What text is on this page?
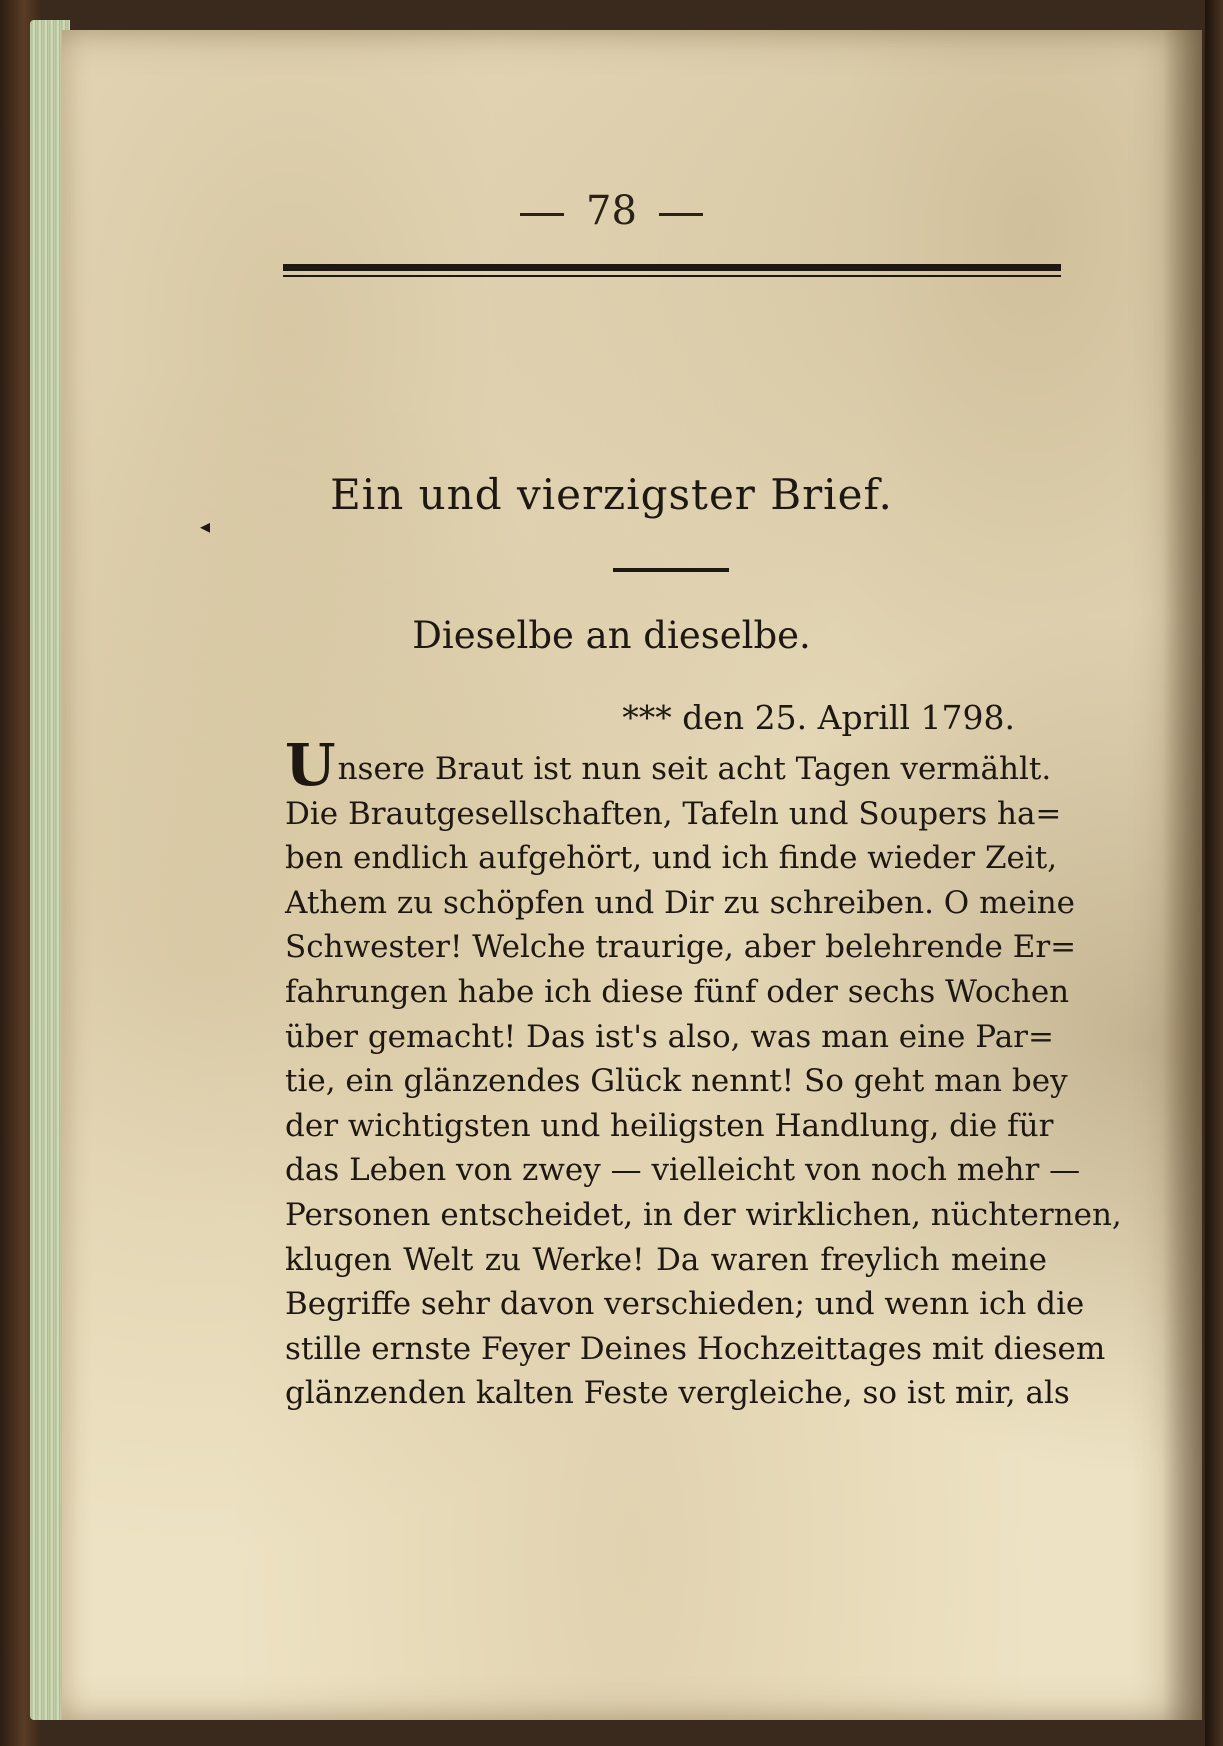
78
Ein und vierzigster Brief.
Dieselbe an dieselbe.
*** den 25. Aprill 1798.
Unsere Braut ist nun seit acht Tagen vermählt.
Die Brautgesellschaften, Tafeln und Soupers ha=
ben endlich aufgehört, und ich finde wieder Zeit,
Athem zu schöpfen und Dir zu schreiben. O meine
Schwester! Welche traurige, aber belehrende Er=
fahrungen habe ich diese fünf oder sechs Wochen
über gemacht! Das ist's also, was man eine Par=
tie, ein glänzendes Glück nennt! So geht man bey
der wichtigsten und heiligsten Handlung, die für
das Leben von zwey — vielleicht von noch mehr —
Personen entscheidet, in der wirklichen, nüchternen,
klugen Welt zu Werke! Da waren freylich meine
Begriffe sehr davon verschieden; und wenn ich die
stille ernste Feyer Deines Hochzeittages mit diesem
glänzenden kalten Feste vergleiche, so ist mir, als
◂
